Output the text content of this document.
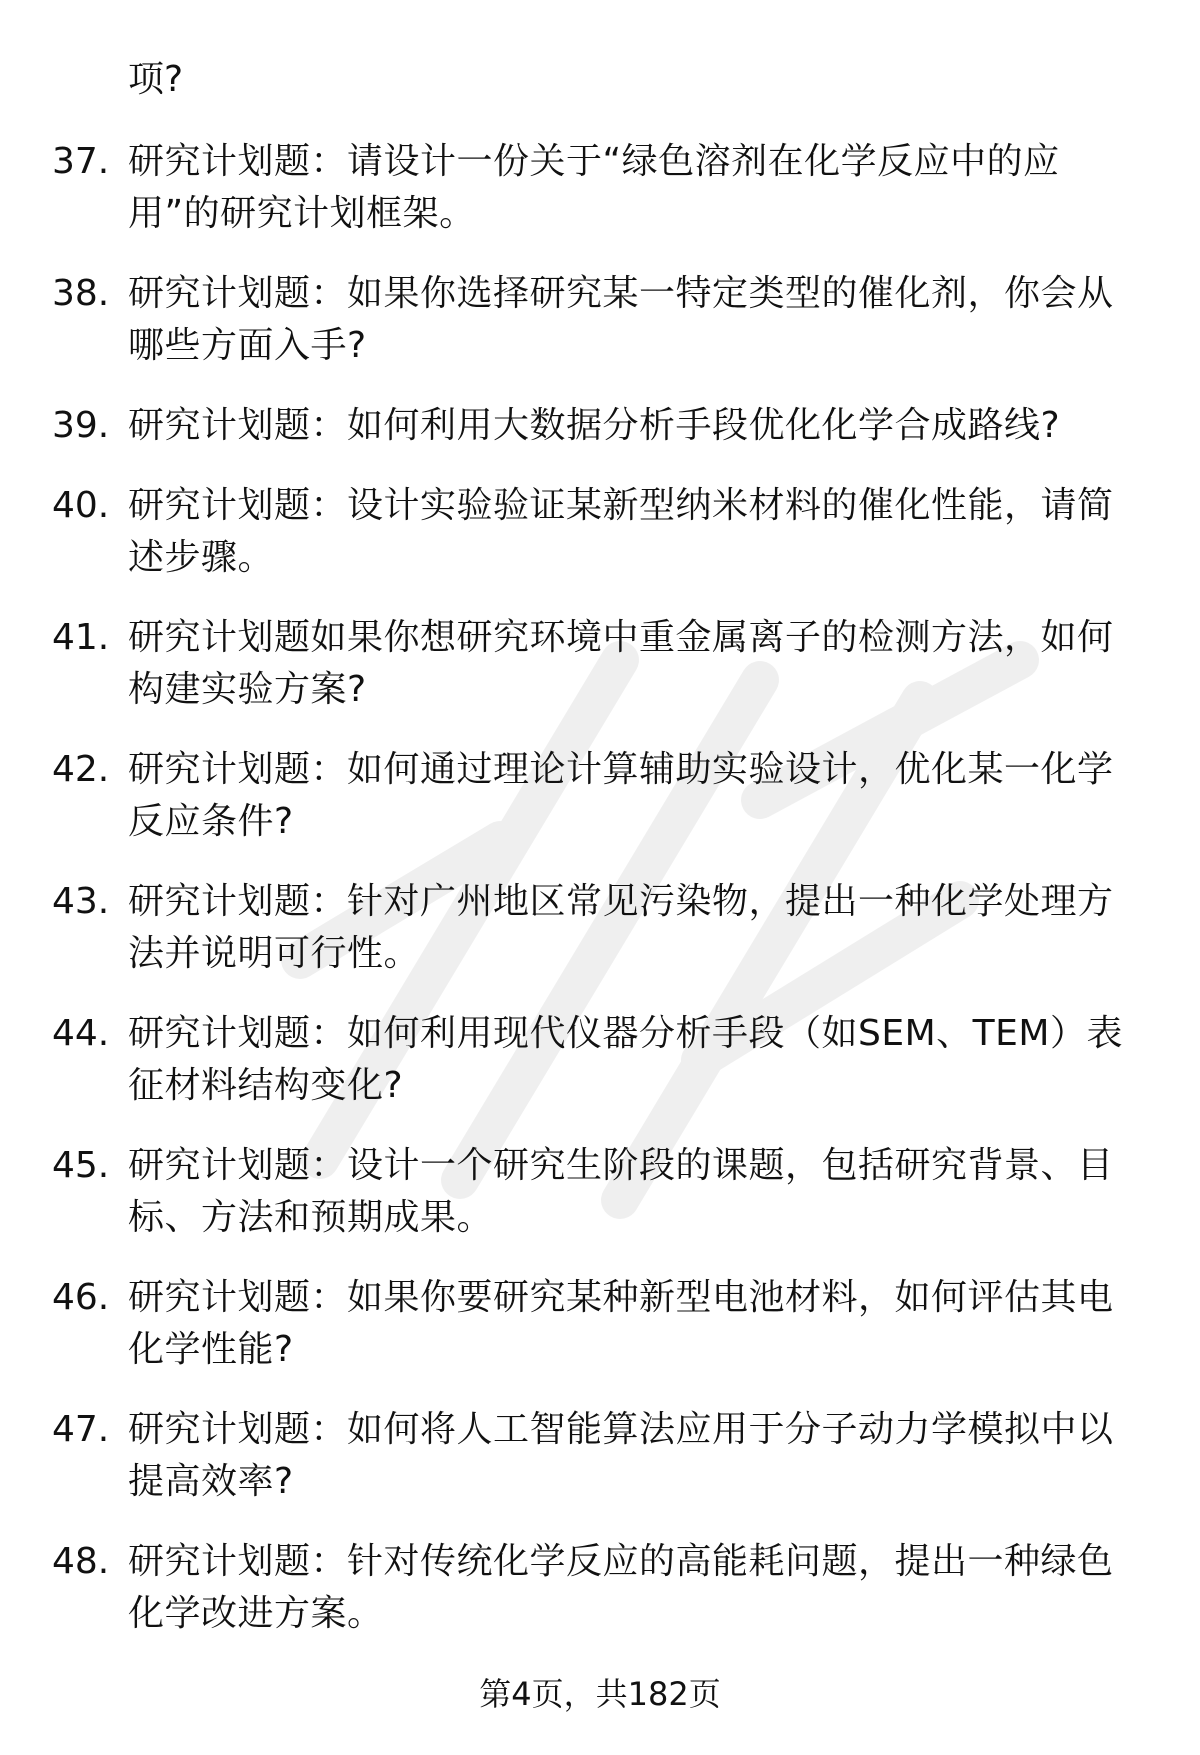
项?
37. 研究计划题：请设计一份关于“绿色溶剂在化学反应中的应用”的研究计划框架。
38. 研究计划题：如果你选择研究某一特定类型的催化剂，你会从哪些方面入手?
39. 研究计划题：如何利用大数据分析手段优化化学合成路线?
40. 研究计划题：设计实验验证某新型纳米材料的催化性能，请简述步骤。
41. 研究计划题如果你想研究环境中重金属离子的检测方法，如何构建实验方案?
42. 研究计划题：如何通过理论计算辅助实验设计，优化某一化学反应条件?
43. 研究计划题：针对广州地区常见污染物，提出一种化学处理方法并说明可行性。
44. 研究计划题：如何利用现代仪器分析手段（如SEM、TEM）表征材料结构变化?
45. 研究计划题：设计一个研究生阶段的课题，包括研究背景、目标、方法和预期成果。
46. 研究计划题：如果你要研究某种新型电池材料，如何评估其电化学性能?
47. 研究计划题：如何将人工智能算法应用于分子动力学模拟中以提高效率?
48. 研究计划题：针对传统化学反应的高能耗问题，提出一种绿色化学改进方案。
第4页，共182页
